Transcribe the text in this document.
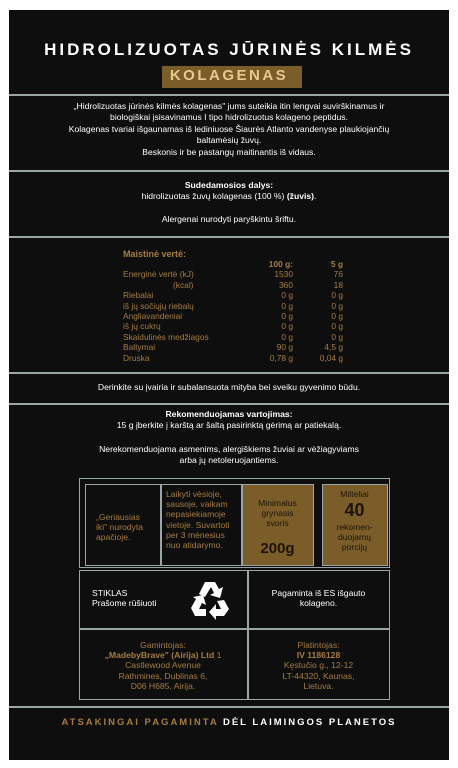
HIDROLIZUOTAS JŪRINĖS KILMĖS
KOLAGENAS
„Hidrolizuotas jūrinės kilmės kolagenas" jums suteikia itin lengvai suvirškinamus ir
biologiškai įsisavinamus I tipo hidrolizuotus kolageno peptidus.
Kolagenas tvariai išgaunamas iš lediniuose Šiaurės Atlanto vandenyse plaukiojančių
baltamėsių žuvų.
Beskonis ir be pastangų maitinantis iš vidaus.
Sudedamosios dalys:
hidrolizuotas žuvų kolagenas (100 %) (žuvis).
Alergenai nurodyti paryškintu šriftu.
Maistinė vertė:
100 g:	5 g
Energinė vertė (kJ)	1530	76
(kcal)	360	18
Riebalai	0 g	0 g
iš jų sočiųjų riebalų	0 g	0 g
Angliavandeniai	0 g	0 g
iš jų cukrų	0 g	0 g
Skaidulinės medžiagos	0 g	0 g
Baltymai	90 g	4,5 g
Druska	0,78 g	0,04 g
Derinkite su įvairia ir subalansuota mityba bei sveiku gyvenimo būdu.
Rekomenduojamas vartojimas:
15 g įberkite į karštą ar šaltą pasirinktą gėrimą ar patiekalą.
Nerekomenduojama asmenims, alergiškiems žuviai ar vėžiagyviams
arba jų netoleruojantiems.
„Geriausias
iki" nurodyta
apačioje.
Laikyti vėsioje,
sausoje, vaikam
nepasiekiamoje
vietoje. Suvartoti
per 3 mėnesius
nuo atidarymo.
Minimalus
grynasis
svoris
200g
Milteliai
40
rekomen-
duojamų
porcijų
STIKLAS
Prašome rūšiuoti
Pagaminta iš ES išgauto
kolageno.
Gamintojas:
„MadebyBrave" (Airija) Ltd 1
Castlewood Avenue
Rathmines, Dublinas 6,
D06 H685, Airija.
Platintojas:
IV 1186128
Kęstučio g., 12-12
LT-44320, Kaunas,
Lietuva.
ATSAKINGAI PAGAMINTA DĖL LAIMINGOS PLANETOS
